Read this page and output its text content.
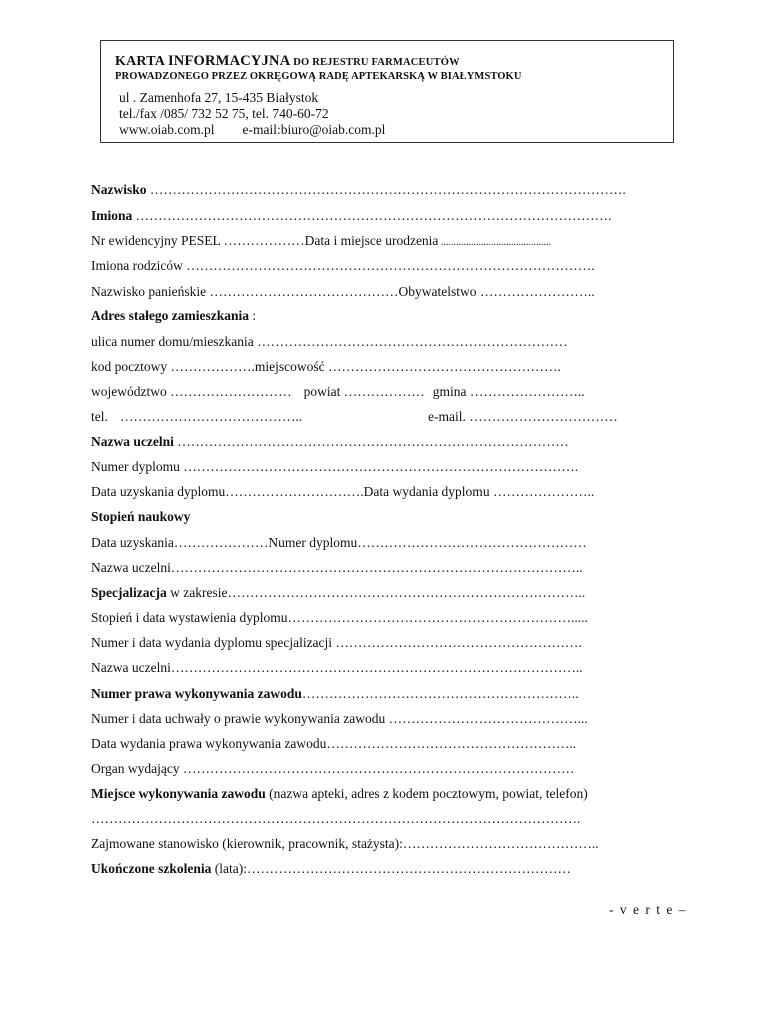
KARTA INFORMACYJNA DO REJESTRU FARMACEUTÓW
PROWADZONEGO PRZEZ OKRĘGOWĄ RADĘ APTEKARSKĄ W BIAŁYMSTOKU
ul . Zamenhofa 27, 15-435 Białystok
tel./fax /085/ 732 52 75, tel. 740-60-72
www.oiab.com.pl e-mail:biuro@oiab.com.pl
Nazwisko …………………………………………………………………………………………….
Imiona …………………………………………………………………………………………….
Nr ewidencyjny PESEL ………………Data i miejsce urodzenia ............................................
Imiona rodziców ……………………………………………………………………………….
Nazwisko panieńskie ……………………………………Obywatelstwo ……………………..
Adres stałego zamieszkania :
ulica numer domu/mieszkania ……………………………………………………………
kod pocztowy ……………….miejscowość …………………………………………….
województwo ……………………… powiat ……………… gmina ……………………..
tel. …………………………………..	e-mail. ……………………………
Nazwa uczelni ……………………………………………………………………………
Numer dyplomu …………………………………………………………………………….
Data uzyskania dyplomu………………………….Data wydania dyplomu …………………..
Stopień naukowy
Data uzyskania…………………Numer dyplomu……………………………………………
Nazwa uczelni………………………………………………………………………………..
Specjalizacja w zakresie……………………………………………………………………..
Stopień i data wystawienia dyplomu……………………………………………………….....
Numer i data wydania dyplomu specjalizacji ……………………………………………….
Nazwa uczelni………………………………………………………………………………..
Numer prawa wykonywania zawodu……………………………………………………..
Numer i data uchwały o prawie wykonywania zawodu ……………………………………...
Data wydania prawa wykonywania zawodu………………………………………………..
Organ wydający ……………………………………………………………………………
Miejsce wykonywania zawodu (nazwa apteki, adres z kodem pocztowym, powiat, telefon)
……………………………………………………………………………………………….
Zajmowane stanowisko (kierownik, pracownik, stażysta):……………………………………..
Ukończone szkolenia (lata):………………………………………………………………
- v e r t e –
